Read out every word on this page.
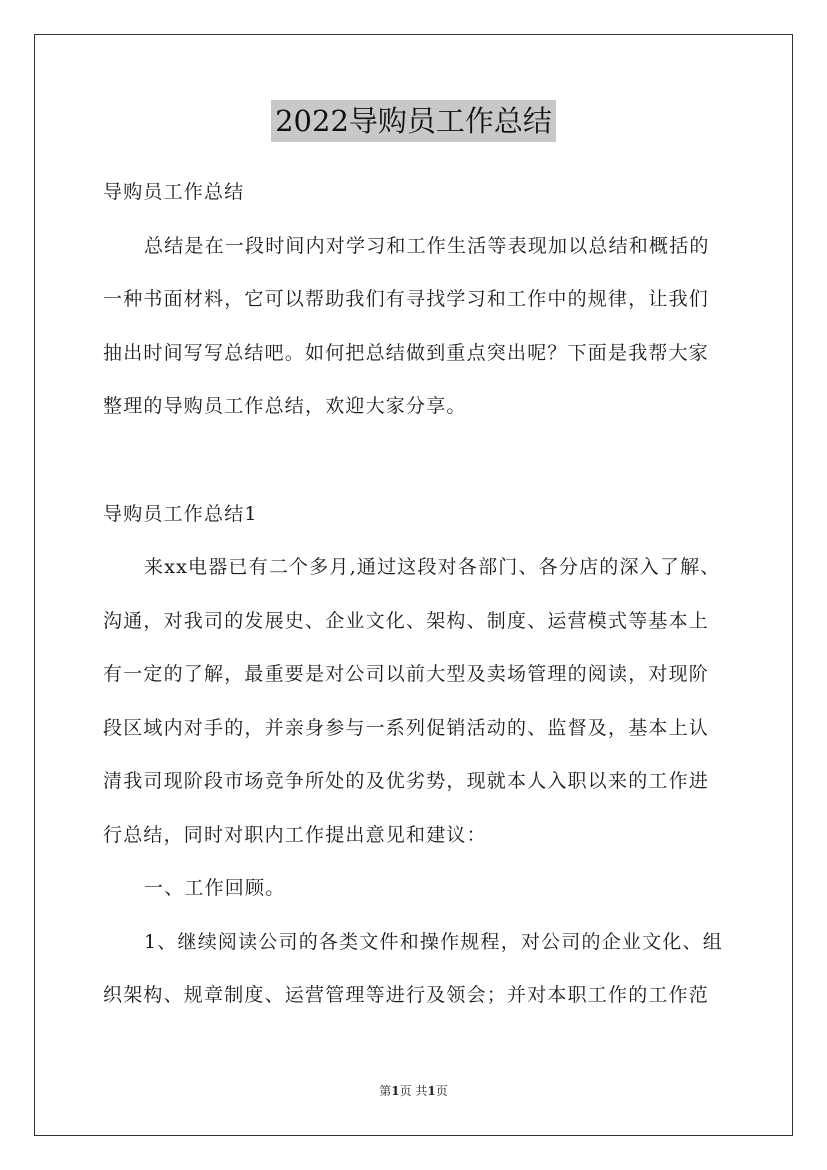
2022导购员工作总结
导购员工作总结
总结是在一段时间内对学习和工作生活等表现加以总结和概括的
一种书面材料，它可以帮助我们有寻找学习和工作中的规律，让我们
抽出时间写写总结吧。如何把总结做到重点突出呢？下面是我帮大家
整理的导购员工作总结，欢迎大家分享。
导购员工作总结1
来xx电器已有二个多月,通过这段对各部门、各分店的深入了解、
沟通，对我司的发展史、企业文化、架构、制度、运营模式等基本上
有一定的了解，最重要是对公司以前大型及卖场管理的阅读，对现阶
段区域内对手的，并亲身参与一系列促销活动的、监督及，基本上认
清我司现阶段市场竞争所处的及优劣势，现就本人入职以来的工作进
行总结，同时对职内工作提出意见和建议：
一、工作回顾。
1、继续阅读公司的各类文件和操作规程，对公司的企业文化、组
织架构、规章制度、运营管理等进行及领会；并对本职工作的工作范
第1页 共1页
